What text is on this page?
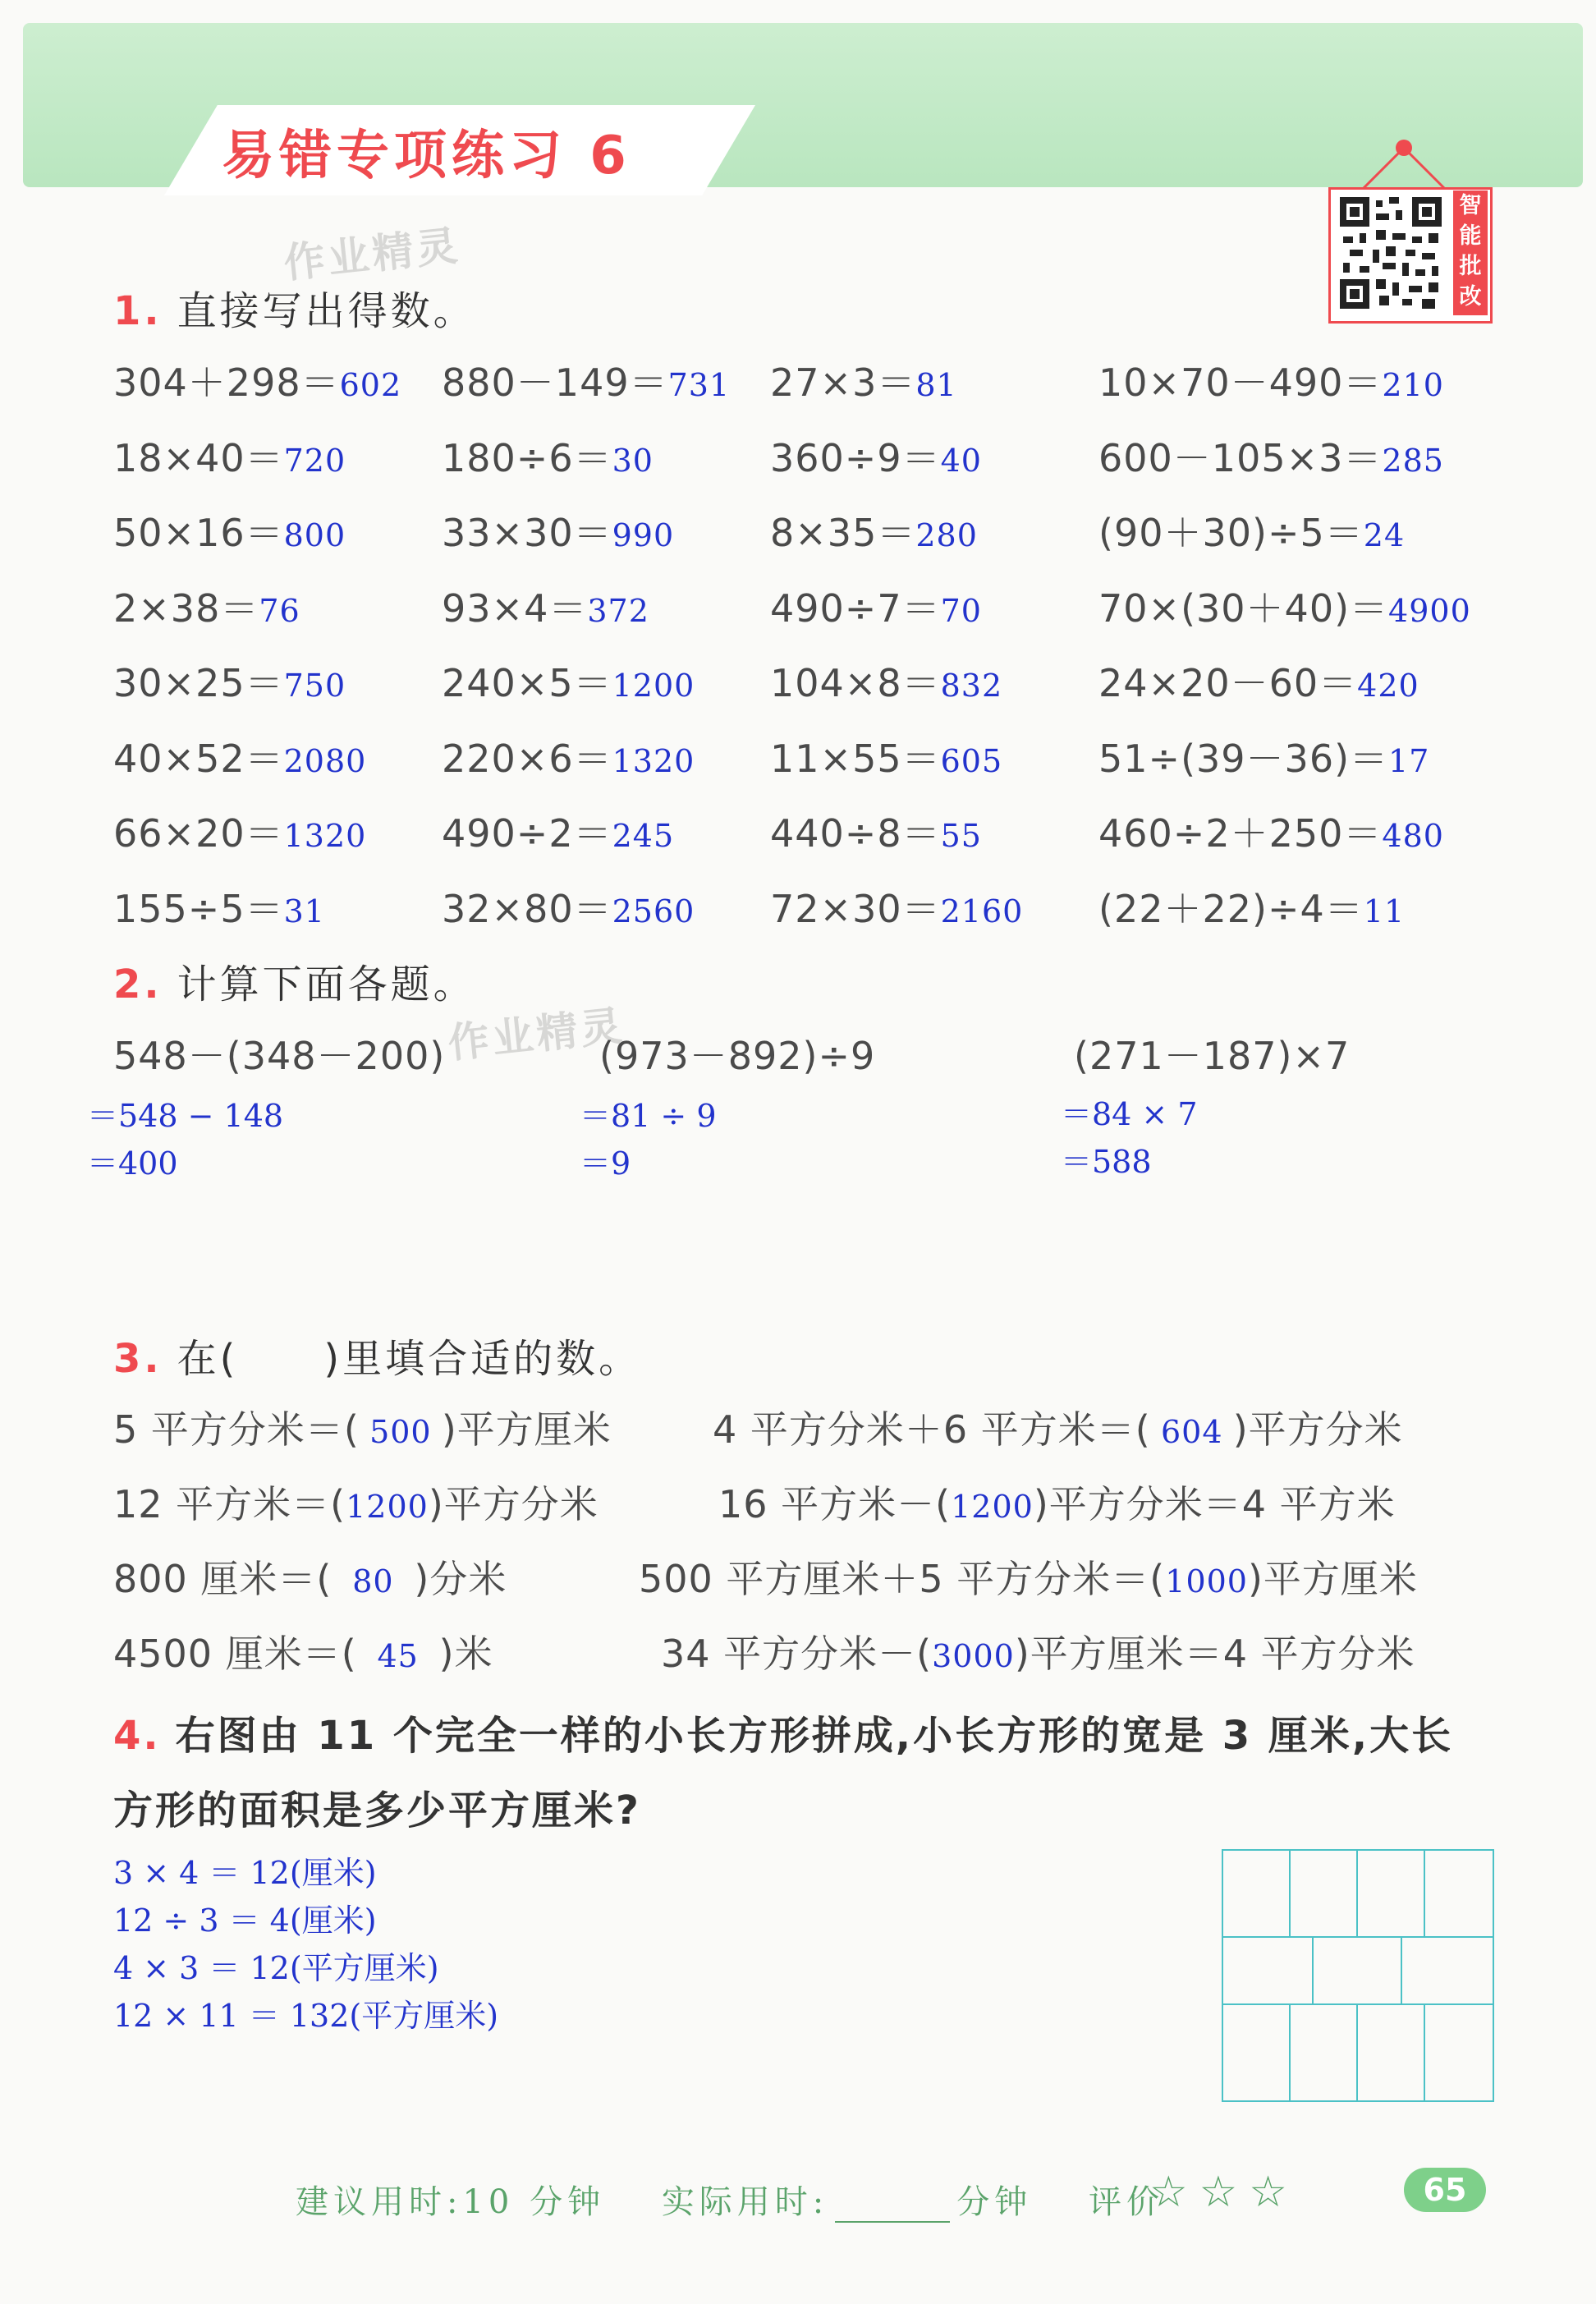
易错专项练习 6
智
能
批
改
作业精灵
作业精灵
1. 直接写出得数。
304＋298＝602 880－149＝731 27×3＝81	10×70－490＝210
18×40＝720	180÷6＝30	360÷9＝40	600－105×3＝285
50×16＝800	33×30＝990	8×35＝280	(90＋30)÷5＝24
2×38＝76	93×4＝372	490÷7＝70	70×(30＋40)＝4900
30×25＝750	240×5＝1200 104×8＝832	24×20－60＝420
40×52＝2080 220×6＝1320 11×55＝605	51÷(39－36)＝17
66×20＝1320 490÷2＝245	440÷8＝55	460÷2＋250＝480
155÷5＝31	32×80＝2560 72×30＝2160 (22＋22)÷4＝11
2. 计算下面各题。
548－(348－200)
＝548 − 148
＝400
(973－892)÷9
＝81 ÷ 9
＝9
(271－187)×7
＝84 × 7
＝588
3. 在(　　)里填合适的数。
5 平方分米＝( 500 )平方厘米	4 平方分米＋6 平方米＝( 604 )平方分米
12 平方米＝(1200)平方分米	16 平方米－(1200)平方分米＝4 平方米
800 厘米＝( 80 )分米	500 平方厘米＋5 平方分米＝(1000)平方厘米
4500 厘米＝( 45 )米	34 平方分米－(3000)平方厘米＝4 平方分米
4. 右图由 11 个完全一样的小长方形拼成,小长方形的宽是 3 厘米,大长
方形的面积是多少平方厘米?
3 × 4 ＝ 12(厘米)
12 ÷ 3 ＝ 4(厘米)
4 × 3 ＝ 12(平方厘米)
12 × 11 ＝ 132(平方厘米)
建议用时:10 分钟 实际用时:	分钟 评价
☆☆☆	65
